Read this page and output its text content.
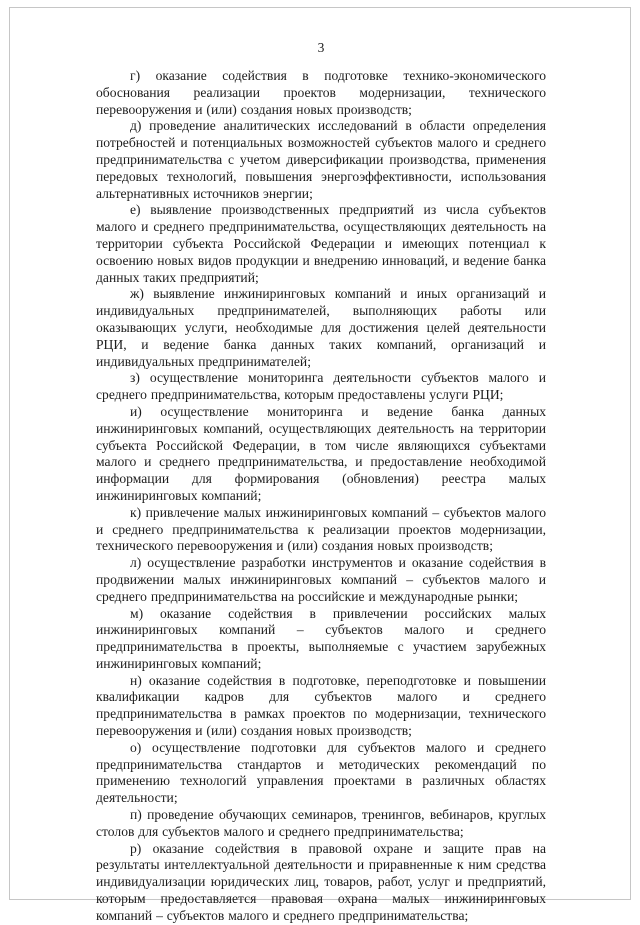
3

г) оказание содействия в подготовке технико-экономического обоснования реализации проектов модернизации, технического перевооружения и (или) создания новых производств;

д) проведение аналитических исследований в области определения потребностей и потенциальных возможностей субъектов малого и среднего предпринимательства с учетом диверсификации производства, применения передовых технологий, повышения энергоэффективности, использования альтернативных источников энергии;

е) выявление производственных предприятий из числа субъектов малого и среднего предпринимательства, осуществляющих деятельность на территории субъекта Российской Федерации и имеющих потенциал к освоению новых видов продукции и внедрению инноваций, и ведение банка данных таких предприятий;

ж) выявление инжиниринговых компаний и иных организаций и индивидуальных предпринимателей, выполняющих работы или оказывающих услуги, необходимые для достижения целей деятельности РЦИ, и ведение банка данных таких компаний, организаций и индивидуальных предпринимателей;

з) осуществление мониторинга деятельности субъектов малого и среднего предпринимательства, которым предоставлены услуги РЦИ;

и) осуществление мониторинга и ведение банка данных инжиниринговых компаний, осуществляющих деятельность на территории субъекта Российской Федерации, в том числе являющихся субъектами малого и среднего предпринимательства, и предоставление необходимой информации для формирования (обновления) реестра малых инжиниринговых компаний;

к) привлечение малых инжиниринговых компаний – субъектов малого и среднего предпринимательства к реализации проектов модернизации, технического перевооружения и (или) создания новых производств;

л) осуществление разработки инструментов и оказание содействия в продвижении малых инжиниринговых компаний – субъектов малого и среднего предпринимательства на российские и международные рынки;

м) оказание содействия в привлечении российских малых инжиниринговых компаний – субъектов малого и среднего предпринимательства в проекты, выполняемые с участием зарубежных инжиниринговых компаний;

н) оказание содействия в подготовке, переподготовке и повышении квалификации кадров для субъектов малого и среднего предпринимательства в рамках проектов по модернизации, технического перевооружения и (или) создания новых производств;

о) осуществление подготовки для субъектов малого и среднего предпринимательства стандартов и методических рекомендаций по применению технологий управления проектами в различных областях деятельности;

п) проведение обучающих семинаров, тренингов, вебинаров, круглых столов для субъектов малого и среднего предпринимательства;

р) оказание содействия в правовой охране и защите прав на результаты интеллектуальной деятельности и приравненные к ним средства индивидуализации юридических лиц, товаров, работ, услуг и предприятий, которым предоставляется правовая охрана малых инжиниринговых компаний – субъектов малого и среднего предпринимательства;
